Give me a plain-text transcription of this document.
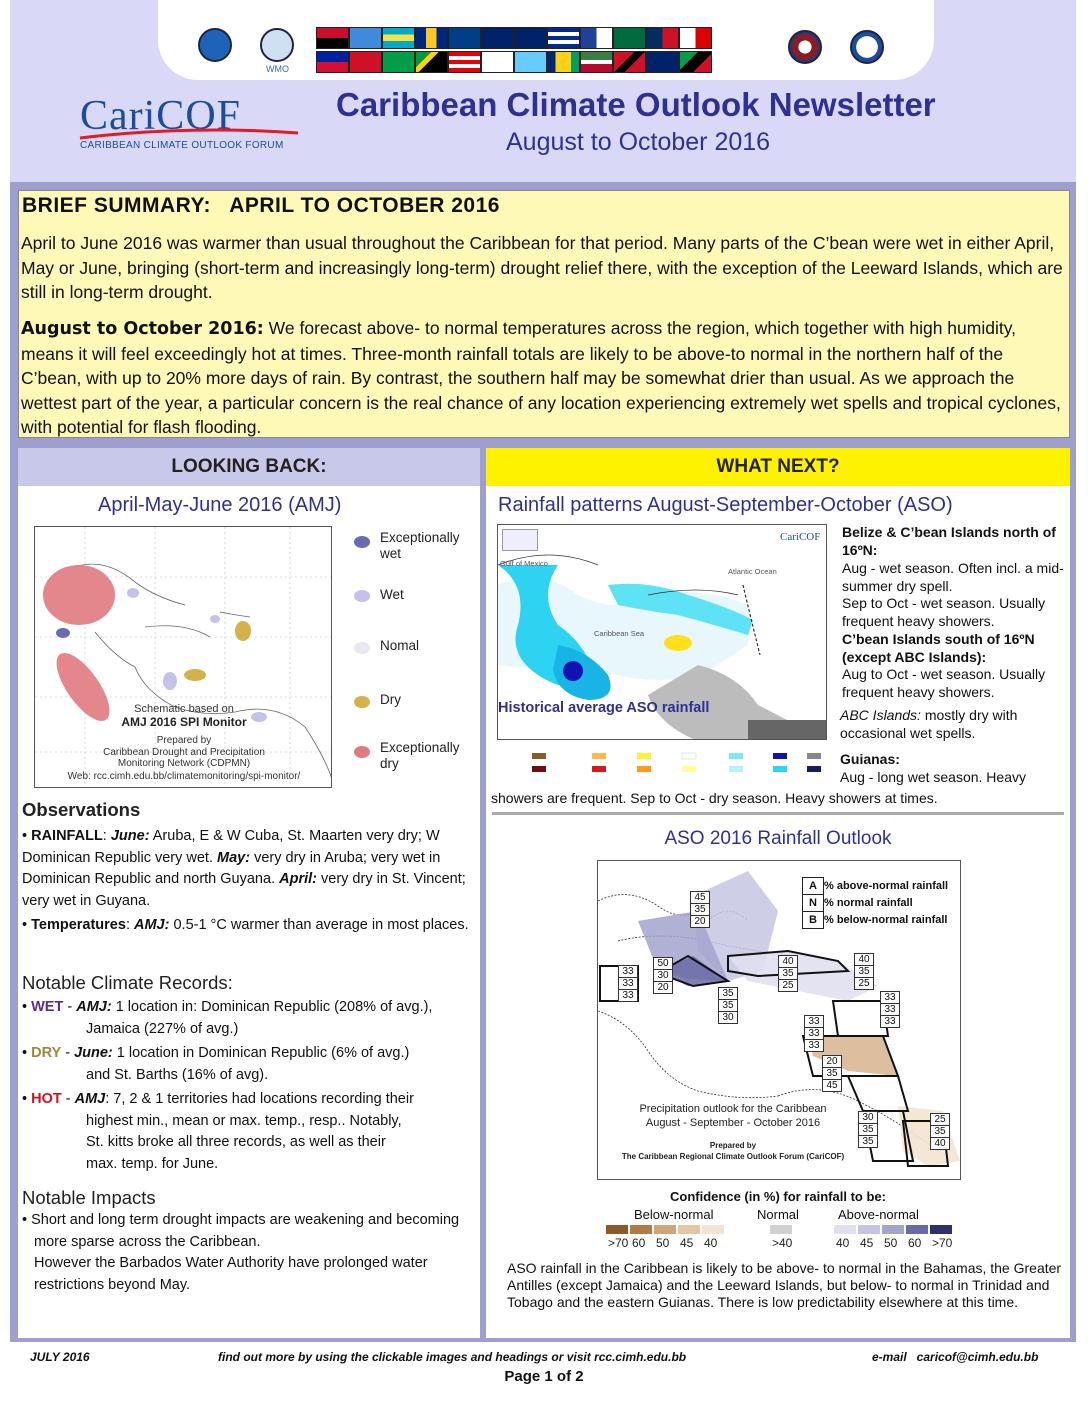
WMO
CariCOF
CARIBBEAN CLIMATE OUTLOOK FORUM
Caribbean Climate Outlook Newsletter
August to October 2016
BRIEF SUMMARY:   APRIL TO OCTOBER 2016
April to June 2016 was warmer than usual throughout the Caribbean for that period. Many parts of the C’bean were wet in either April, May or June, bringing (short-term and increasingly long-term) drought relief there, with the exception of the Leeward Islands, which are still in long-term drought.
August to October 2016: We forecast above- to normal temperatures across the region, which together with high humidity, means it will feel exceedingly hot at times. Three-month rainfall totals are likely to be above-to normal in the northern half of the C’bean, with up to 20% more days of rain. By contrast, the southern half may be somewhat drier than usual. As we approach the wettest part of the year, a particular concern is the real chance of any location experiencing extremely wet spells and tropical cyclones, with potential for flash flooding.
LOOKING BACK:
April-May-June 2016 (AMJ)
Schematic based on
AMJ 2016 SPI Monitor
Prepared by
Caribbean Drought and Precipitation
Monitoring Network (CDPMN)
Web: rcc.cimh.edu.bb/climatemonitoring/spi-monitor/
Exceptionally wet
Wet
Nomal
Dry
Exceptionally dry
Observations
• RAINFALL: June: Aruba, E & W Cuba, St. Maarten very dry; W Dominican Republic very wet. May: very dry in Aruba; very wet in Dominican Republic and north Guyana. April: very dry in St. Vincent; very wet in Guyana.
• Temperatures: AMJ: 0.5-1 °C warmer than average in most places.
Notable Climate Records:
• WET - AMJ: 1 location in: Dominican Republic (208% of avg.),
Jamaica (227% of avg.)
• DRY - June: 1 location in Dominican Republic (6% of avg.)
and St. Barths (16% of avg).
• HOT - AMJ: 7, 2 & 1 territories had locations recording their
highest min., mean or max. temp., resp.. Notably,
St. kitts broke all three records, as well as their
max. temp. for June.
Notable Impacts
• Short and long term drought impacts are weakening and becoming more sparse across the Caribbean.
However the Barbados Water Authority have prolonged water restrictions beyond May.
WHAT NEXT?
Rainfall patterns August-September-October (ASO)
CariCOF
Gulf of Mexico
Atlantic Ocean
Caribbean Sea
Historical average ASO rainfall
Belize & C’bean Islands north of 16ºN:
Aug - wet season. Often incl. a mid-summer dry spell.
Sep to Oct - wet season. Usually frequent heavy showers.
C’bean Islands south of 16ºN (except ABC Islands):
Aug to Oct - wet season. Usually frequent heavy showers.
ABC Islands: mostly dry with occasional wet spells.
Guianas:
Aug - long wet season. Heavy
showers are frequent. Sep to Oct - dry season. Heavy showers at times.
ASO 2016 Rainfall Outlook
A
N
B
% above-normal rainfall
% normal rainfall
% below-normal rainfall
45
35
20
50
30
20
33
33
33	35
35
30
40
35
25
40
35
25
33
33
33
33
33
33
20
35
45
30
35
35
25
35
40
Precipitation outlook for the Caribbean
August - September - October 2016
Prepared by
The Caribbean Regional Climate Outlook Forum (CariCOF)
Confidence (in %) for rainfall to be:
Below-normal	Normal	Above-normal
>70 60 50 45 40	>40	40 45 50 60 >70
ASO rainfall in the Caribbean is likely to be above- to normal in the Bahamas, the Greater Antilles (except Jamaica) and the Leeward Islands, but below- to normal in Trinidad and Tobago and the eastern Guianas. There is low predictability elsewhere at this time.
JULY 2016	find out more by using the clickable images and headings or visit rcc.cimh.edu.bb	e-mail   caricof@cimh.edu.bb
Page 1 of 2
